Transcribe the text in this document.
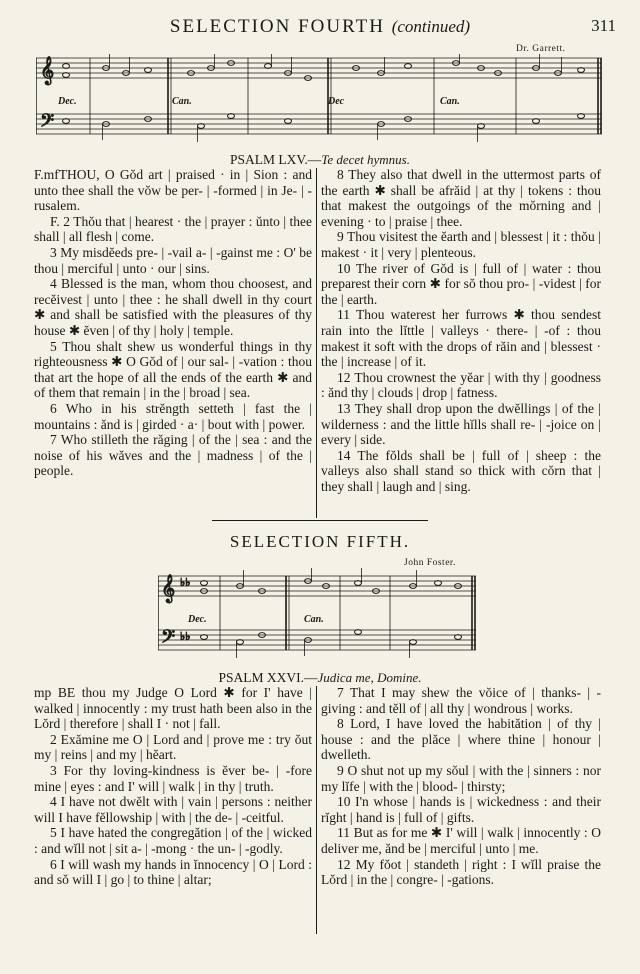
SELECTION FOURTH (continued)	311
Dr. Garrett.
𝄞
𝄢
Dec.	Can.	Dec	Can.
PSALM LXV.—Te decet hymnus.

F.mfTHOU, O Gŏd art | praised · in | Sion : and unto thee shall the vŏw be per- | -formed | in Je- | -rusalem.

F. 2 Thŏu that | hearest · the | prayer : ŭnto | thee shall | all flesh | come.

3 My misdĕeds pre- | -vail a- | -gainst me : O' be thou | merciful | unto · our | sins.

4 Blessed is the man, whom thou choosest, and recĕivest | unto | thee : he shall dwell in thy court ✱ and shall be satisfied with the pleasures of thy house ✱ ĕven | of thy | holy | temple.

5 Thou shalt shew us wonderful things in thy righteousness ✱ O Gŏd of | our sal- | -vation : thou that art the hope of all the ends of the earth ✱ and of them that remain | in the | broad | sea.

6 Who in his strĕngth setteth | fast the | mountains : ănd is | girded · a· | bout with | power.

7 Who stilleth the răging | of the | sea : and the noise of his wăves and the | madness | of the | people.

8 They also that dwell in the uttermost parts of the earth ✱ shall be afrăid | at thy | tokens : thou that makest the outgoings of the mŏrning and | evening · to | praise | thee.

9 Thou visitest the ĕarth and | blessest | it : thŏu | makest · it | very | plenteous.

10 The river of Gŏd is | full of | water : thou preparest their corn ✱ for sŏ thou pro- | -videst | for the | earth.

11 Thou waterest her furrows ✱ thou sendest rain into the lĭttle | valleys · there- | -of : thou makest it soft with the drops of răin and | blessest · the | increase | of it.

12 Thou crownest the yĕar | with thy | goodness : ănd thy | clouds | drop | fatness.

13 They shall drop upon the dwĕllings | of the | wilderness : and the little hĭlls shall re- | -joice on | every | side.

14 The fŏlds shall be | full of | sheep : the valleys also shall stand so thick with cŏrn that | they shall | laugh and | sing.

SELECTION FIFTH.
John Foster.
𝄞
𝄢
♭♭
♭♭
Dec.	Can.
PSALM XXVI.—Judica me, Domine.

mp BE thou my Judge O Lord ✱ for I' have | walked | innocently : my trust hath been also in the Lŏrd | therefore | shall I · not | fall.

2 Exămine me O | Lord and | prove me : try ŏut my | reins | and my | hĕart.

3 For thy loving-kindness is ĕver be- | -fore mine | eyes : and I' will | walk | in thy | truth.

4 I have not dwĕlt with | vain | persons : neither will I have fĕllowship | with | the de- | -ceitful.

5 I have hated the congregătion | of the | wicked : and wĭll not | sit a- | -mong · the un- | -godly.

6 I will wash my hands in ĭnnocency | O | Lord : and sŏ will I | go | to thine | altar;

7 That I may shew the vŏice of | thanks- | -giving : and tĕll of | all thy | wondrous | works.

8 Lord, I have loved the habitătion | of thy | house : and the plăce | where thine | honour | dwelleth.

9 O shut not up my sŏul | with the | sinners : nor my lĭfe | with the | blood- | thirsty;

10 I'n whose | hands is | wickedness : and their rĭght | hand is | full of | gifts.

11 But as for me ✱ I' will | walk | innocently : O deliver me, ănd be | merciful | unto | me.

12 My fŏot | standeth | right : I wĭll praise the Lŏrd | in the | congre- | -gations.
